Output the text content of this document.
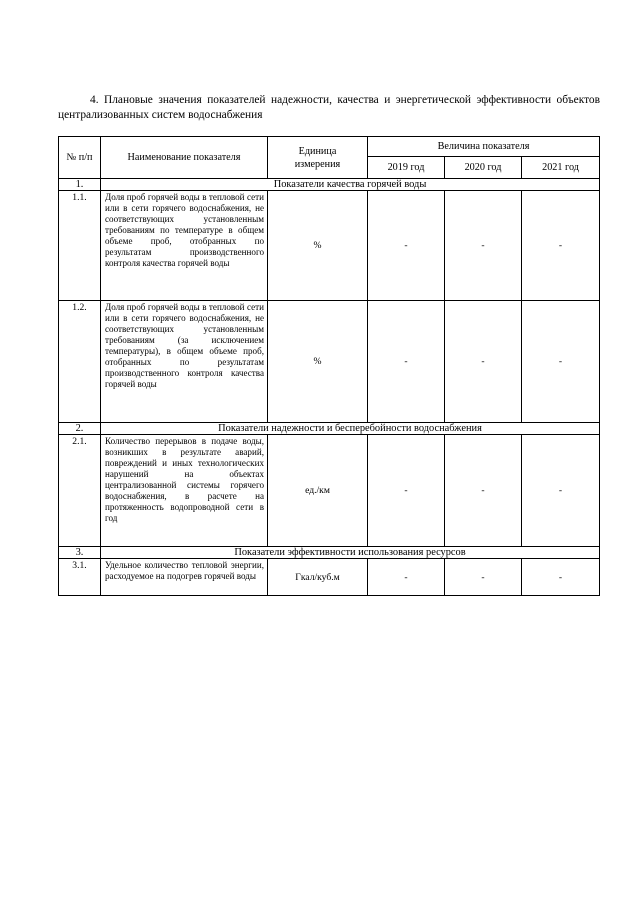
4. Плановые значения показателей надежности, качества и энергетической эффективности объектов централизованных систем водоснабжения
№ п/п	Наименование показателя	Единица измерения	Величина показателя		
			2019 год	2020 год	2021 год
1.	Показатели качества горячей воды				
1.1.	Доля проб горячей воды в тепловой сети или в сети горячего водоснабжения, не соответствующих установленным требованиям по температуре в общем объеме проб, отобранных по результатам производственного контроля качества горячей воды	%	-	-	-
1.2.	Доля проб горячей воды в тепловой сети или в сети горячего водоснабжения, не соответствующих установленным требованиям (за исключением температуры), в общем объеме проб, отобранных по результатам производственного контроля качества горячей воды	%	-	-	-
2.	Показатели надежности и бесперебойности водоснабжения				
2.1.	Количество перерывов в подаче воды, возникших в результате аварий, повреждений и иных технологических нарушений на объектах централизованной системы горячего водоснабжения, в расчете на протяженность водопроводной сети в год	ед./км	-	-	-
3.	Показатели эффективности использования ресурсов				
3.1.	Удельное количество тепловой энергии, расходуемое на подогрев горячей воды	Гкал/куб.м	-	-	-
